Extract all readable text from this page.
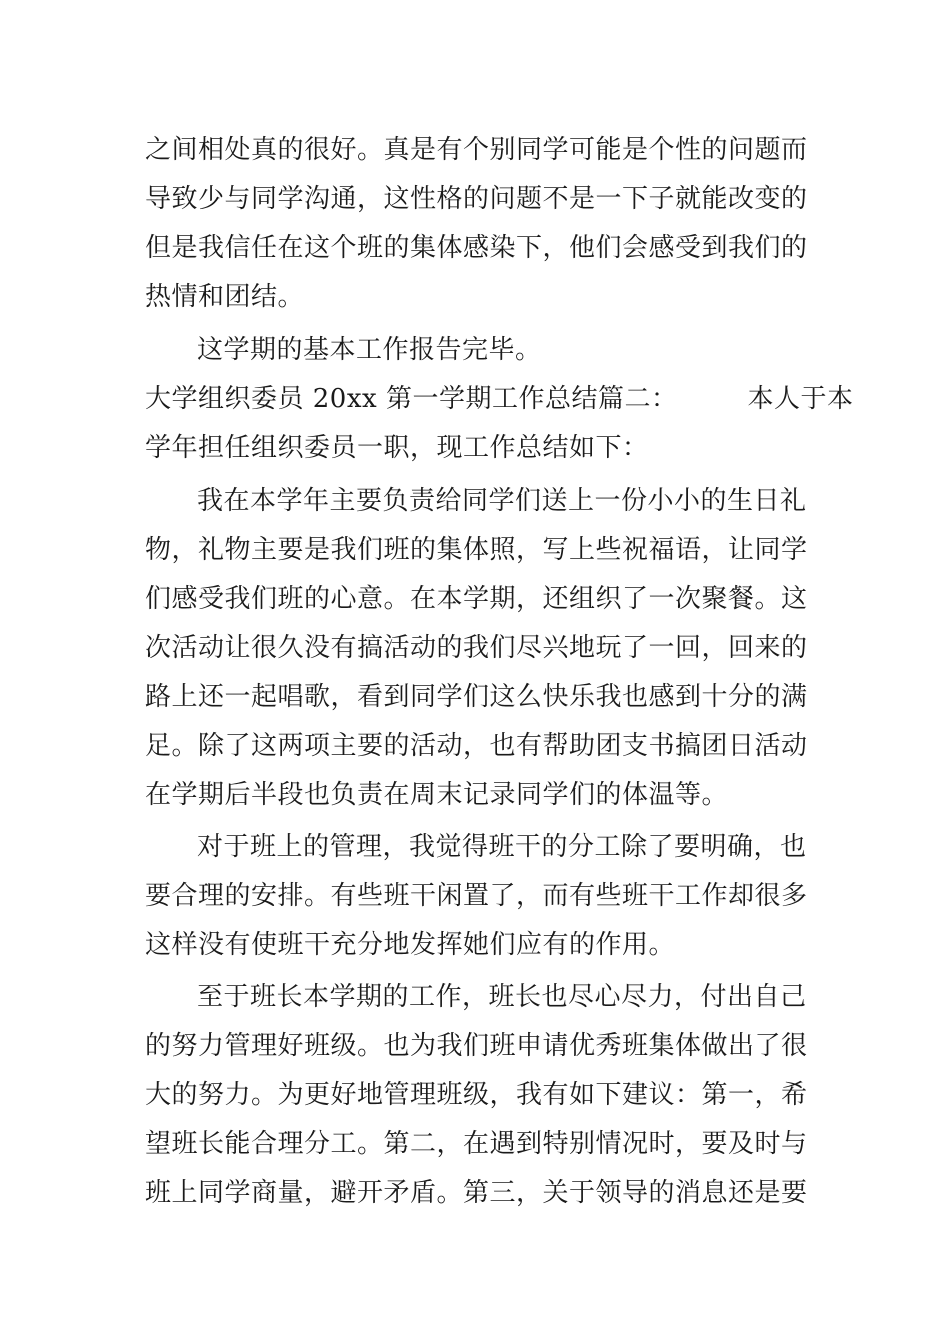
之间相处真的很好。真是有个别同学可能是个性的问题而
导致少与同学沟通，这性格的问题不是一下子就能改变的
但是我信任在这个班的集体感染下，他们会感受到我们的
热情和团结。
这学期的基本工作报告完毕。
大学组织委员 20xx 第一学期工作总结篇二：        本人于本
学年担任组织委员一职，现工作总结如下：
我在本学年主要负责给同学们送上一份小小的生日礼
物，礼物主要是我们班的集体照，写上些祝福语，让同学
们感受我们班的心意。在本学期，还组织了一次聚餐。这
次活动让很久没有搞活动的我们尽兴地玩了一回，回来的
路上还一起唱歌，看到同学们这么快乐我也感到十分的满
足。除了这两项主要的活动，也有帮助团支书搞团日活动
在学期后半段也负责在周末记录同学们的体温等。
对于班上的管理，我觉得班干的分工除了要明确，也
要合理的安排。有些班干闲置了，而有些班干工作却很多
这样没有使班干充分地发挥她们应有的作用。
至于班长本学期的工作，班长也尽心尽力，付出自己
的努力管理好班级。也为我们班申请优秀班集体做出了很
大的努力。为更好地管理班级，我有如下建议：第一，希
望班长能合理分工。第二，在遇到特别情况时，要及时与
班上同学商量，避开矛盾。第三，关于领导的消息还是要
